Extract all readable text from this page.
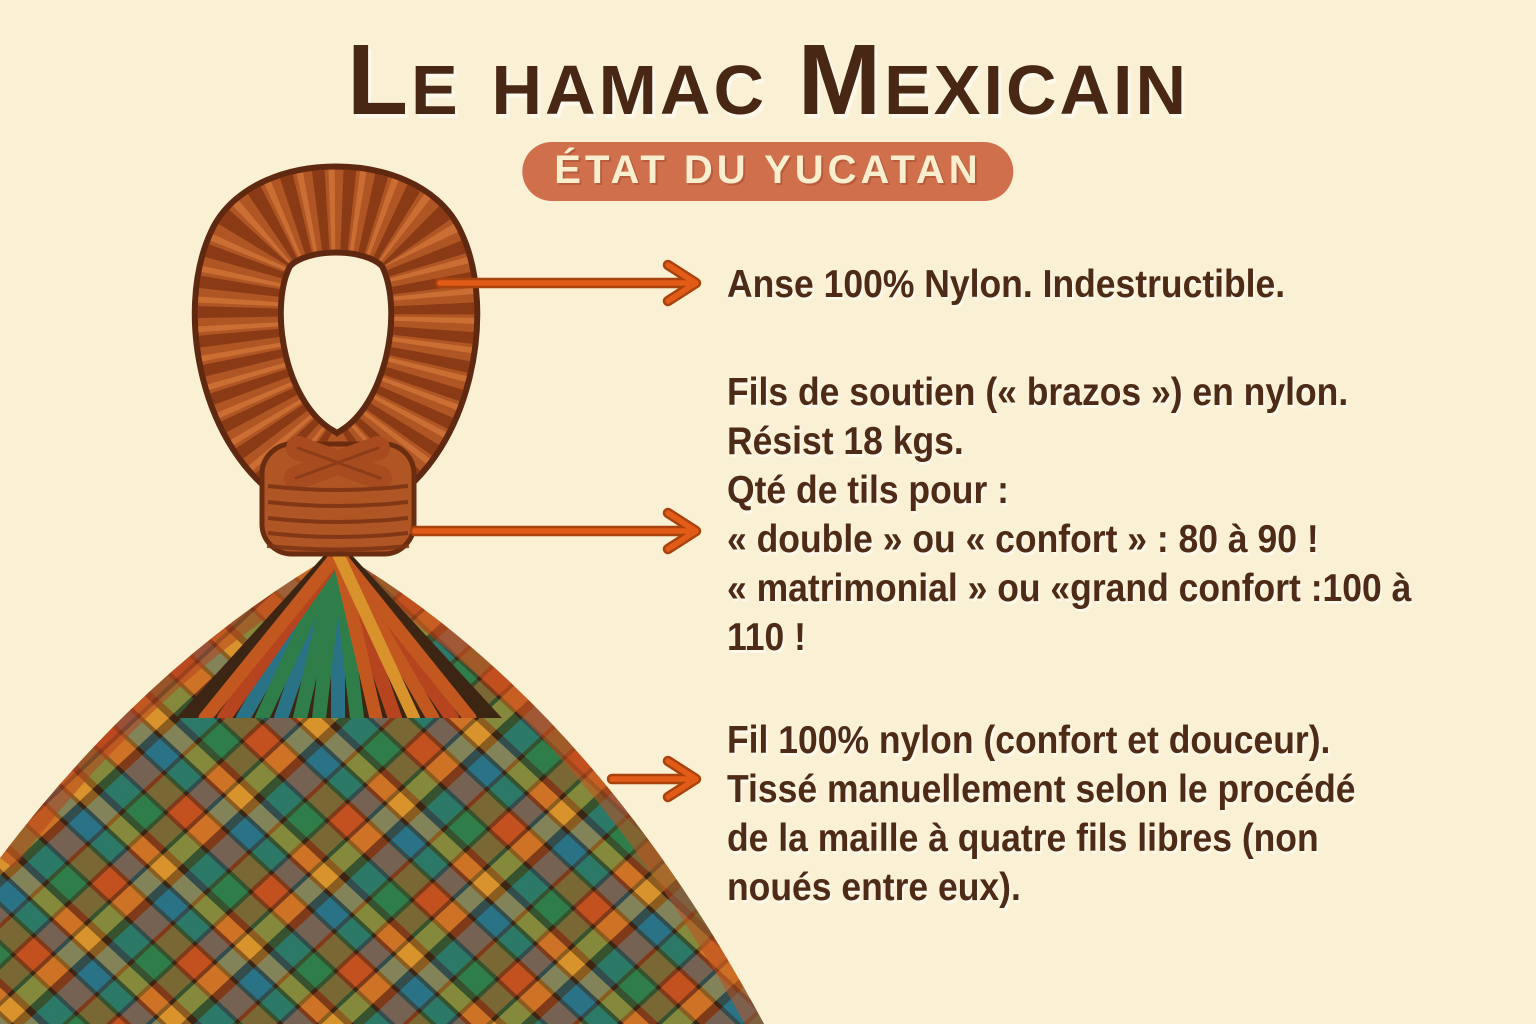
Le hamac Mexicain
ÉTAT DU YUCATAN
Anse 100% Nylon. Indestructible.
Fils de soutien (« brazos ») en nylon.
Résist 18 kgs.
Qté de tils pour :
« double » ou « confort » : 80 à 90 !
« matrimonial » ou «grand confort :100 à
110 !
Fil 100% nylon (confort et douceur).
Tissé manuellement selon le procédé
de la maille à quatre fils libres (non
noués entre eux).
